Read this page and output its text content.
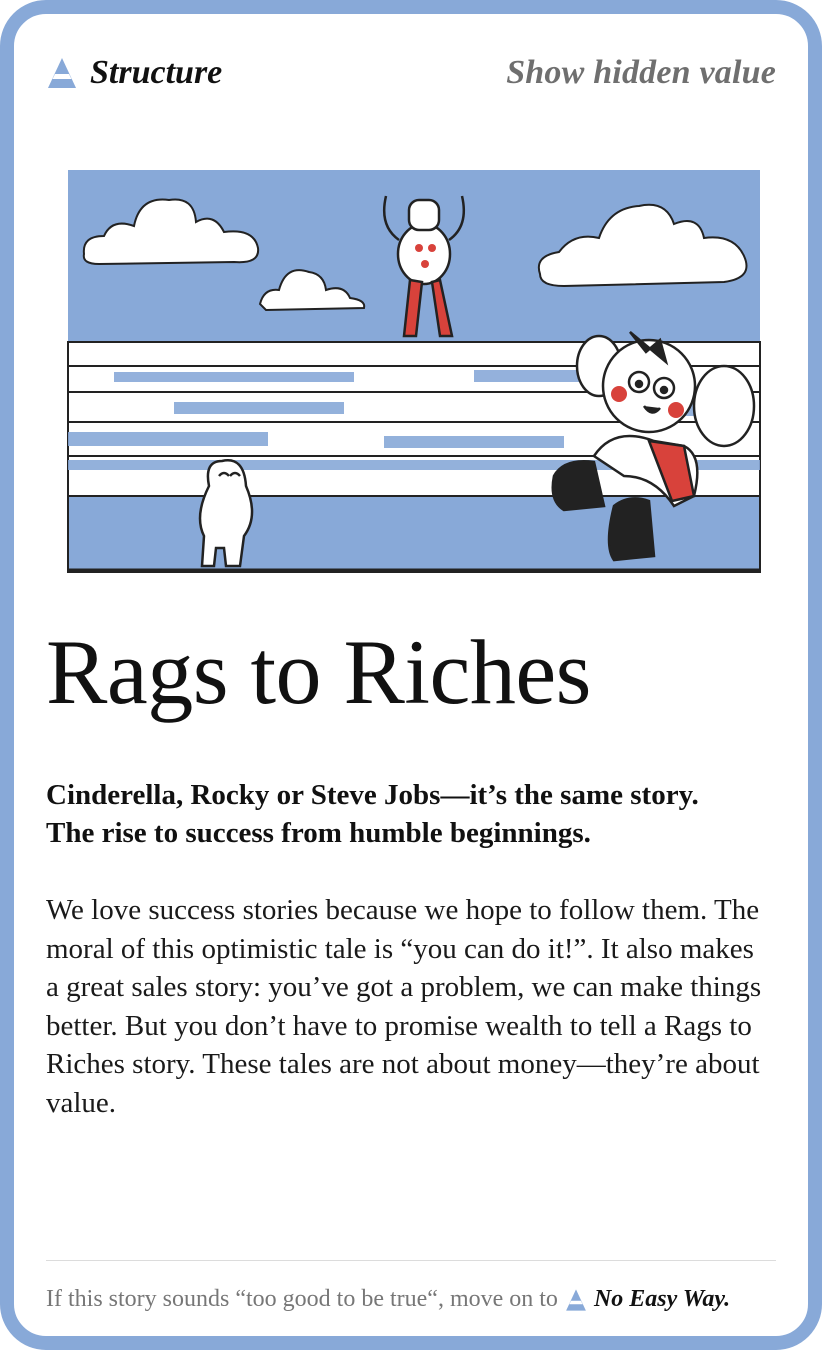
Structure	Show hidden value
Rags to Riches

Cinderella, Rocky or Steve Jobs—it’s the same story.
The rise to success from humble beginnings.

We love success stories because we hope to follow them. The moral of this optimistic tale is “you can do it!”. It also makes a great sales story: you’ve got a problem, we can make things better. But you don’t have to promise wealth to tell a Rags to Riches story. These tales are not about money—they’re about value.

If this story sounds “too good to be true“, move on to No Easy Way.
